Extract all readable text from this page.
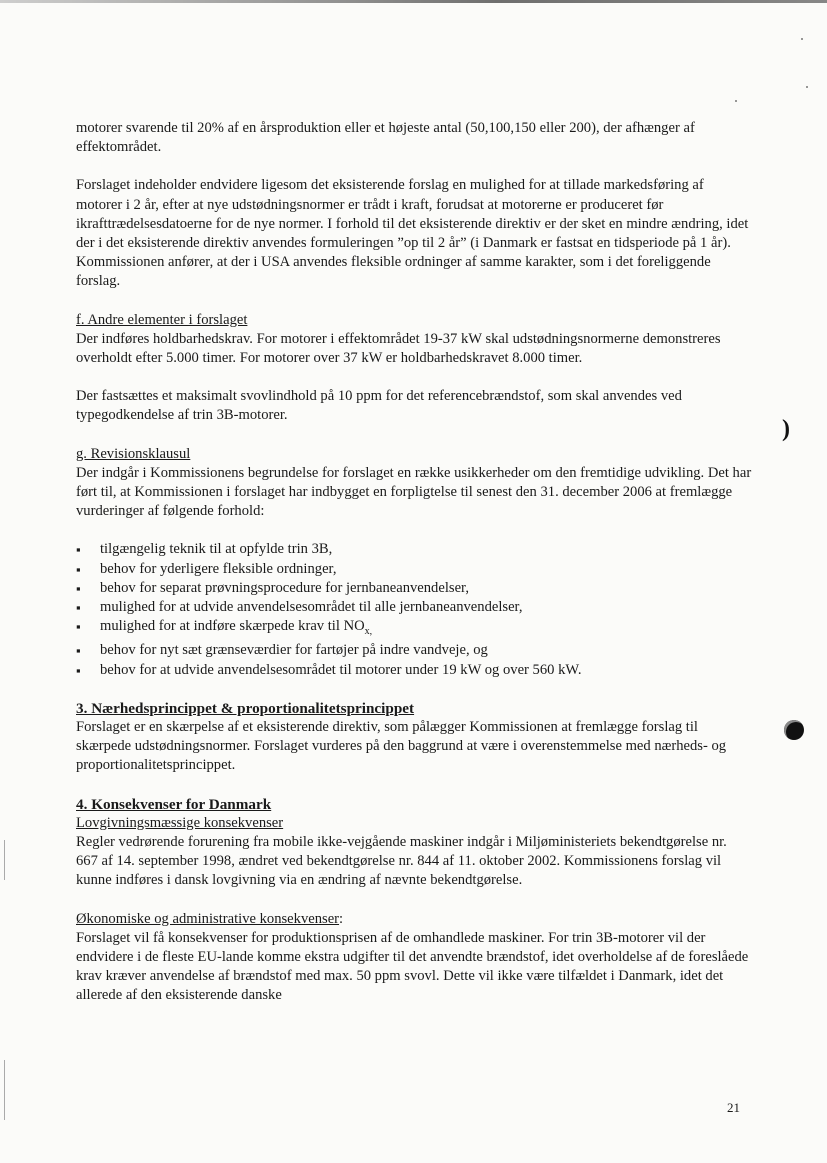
)

motorer svarende til 20% af en årsproduktion eller et højeste antal (50,100,150 eller 200), der afhænger af effektområdet.

Forslaget indeholder endvidere ligesom det eksisterende forslag en mulighed for at tillade markedsføring af motorer i 2 år, efter at nye udstødningsnormer er trådt i kraft, forudsat at motorerne er produceret før ikrafttrædelsesdatoerne for de nye normer. I forhold til det eksisterende direktiv er der sket en mindre ændring, idet der i det eksisterende direktiv anvendes formuleringen ”op til 2 år” (i Danmark er fastsat en tidsperiode på 1 år). Kommissionen anfører, at der i USA anvendes fleksible ordninger af samme karakter, som i det foreliggende forslag.

f. Andre elementer i forslaget

Der indføres holdbarhedskrav. For motorer i effektområdet 19-37 kW skal udstødningsnormerne demonstreres overholdt efter 5.000 timer. For motorer over 37 kW er holdbarhedskravet 8.000 timer.

Der fastsættes et maksimalt svovlindhold på 10 ppm for det referencebrændstof, som skal anvendes ved typegodkendelse af trin 3B-motorer.

g. Revisionsklausul

Der indgår i Kommissionens begrundelse for forslaget en række usikkerheder om den fremtidige udvikling. Det har ført til, at Kommissionen i forslaget har indbygget en forpligtelse til senest den 31. december 2006 at fremlægge vurderinger af følgende forhold:

▪ tilgængelig teknik til at opfylde trin 3B,
▪ behov for yderligere fleksible ordninger,
▪ behov for separat prøvningsprocedure for jernbaneanvendelser,
▪ mulighed for at udvide anvendelsesområdet til alle jernbaneanvendelser,
▪ mulighed for at indføre skærpede krav til $NO_{x,}$
▪ behov for nyt sæt grænseværdier for fartøjer på indre vandveje, og
▪ behov for at udvide anvendelsesområdet til motorer under 19 kW og over 560 kW.

3. Nærhedsprincippet & proportionalitetsprincippet

Forslaget er en skærpelse af et eksisterende direktiv, som pålægger Kommissionen at fremlægge forslag til skærpede udstødningsnormer. Forslaget vurderes på den baggrund at være i overenstemmelse med nærheds- og proportionalitetsprincippet.

4. Konsekvenser for Danmark

Lovgivningsmæssige konsekvenser

Regler vedrørende forurening fra mobile ikke-vejgående maskiner indgår i Miljøministeriets bekendtgørelse nr. 667 af 14. september 1998, ændret ved bekendtgørelse nr. 844 af 11. oktober 2002. Kommissionens forslag vil kunne indføres i dansk lovgivning via en ændring af nævnte bekendtgørelse.

Økonomiske og administrative konsekvenser:

Forslaget vil få konsekvenser for produktionsprisen af de omhandlede maskiner. For trin 3B-motorer vil der endvidere i de fleste EU-lande komme ekstra udgifter til det anvendte brændstof, idet overholdelse af de foreslåede krav kræver anvendelse af brændstof med max. 50 ppm svovl. Dette vil ikke være tilfældet i Danmark, idet det allerede af den eksisterende danske

21
